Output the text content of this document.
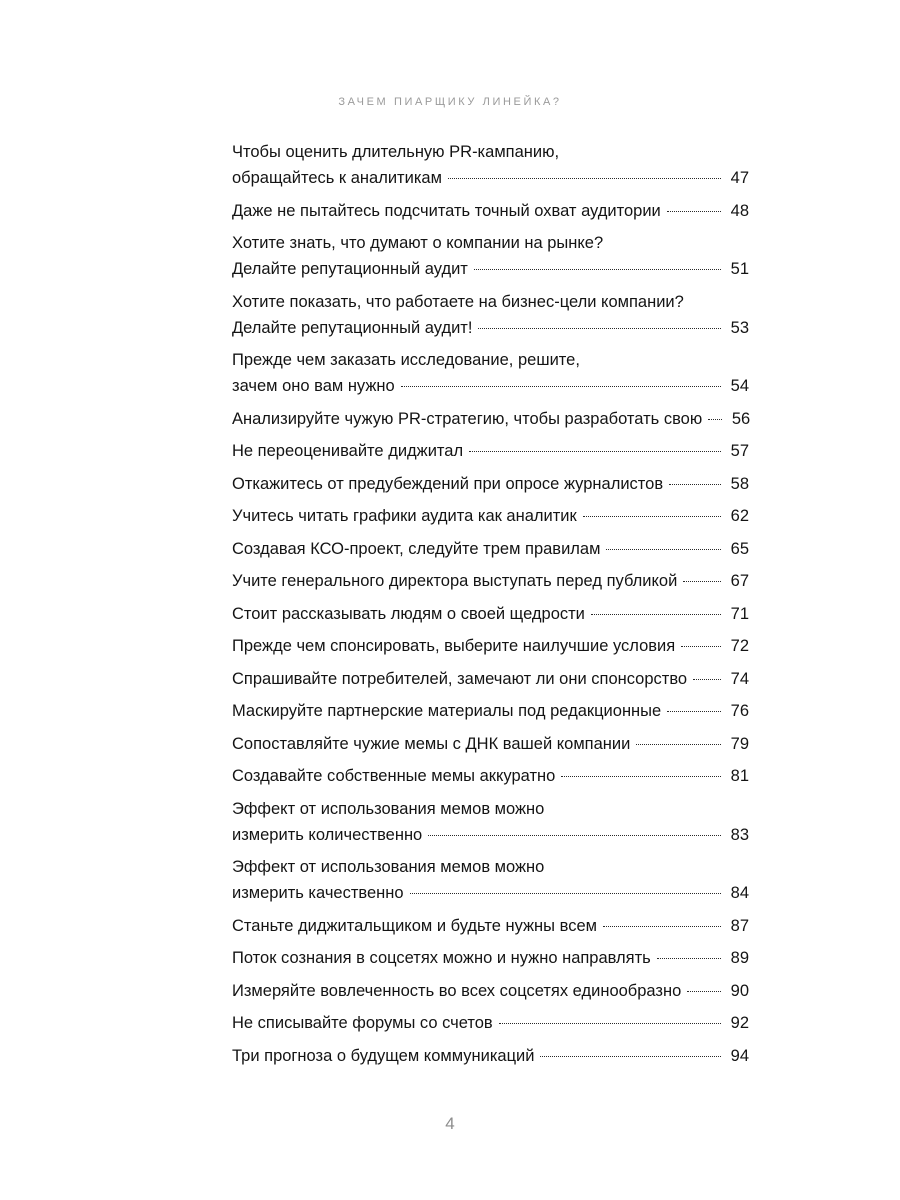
ЗАЧЕМ ПИАРЩИКУ ЛИНЕЙКА?
Чтобы оценить длительную PR-кампанию,
обращайтесь к аналитикам	47
Даже не пытайтесь подсчитать точный охват аудитории	48
Хотите знать, что думают о компании на рынке?
Делайте репутационный аудит	51
Хотите показать, что работаете на бизнес-цели компании?
Делайте репутационный аудит!	53
Прежде чем заказать исследование, решите,
зачем оно вам нужно	54
Анализируйте чужую PR-стратегию, чтобы разработать свою 56
Не переоценивайте диджитал	57
Откажитесь от предубеждений при опросе журналистов	58
Учитесь читать графики аудита как аналитик	62
Создавая КСО-проект, следуйте трем правилам	65
Учите генерального директора выступать перед публикой	67
Стоит рассказывать людям о своей щедрости	71
Прежде чем спонсировать, выберите наилучшие условия	72
Спрашивайте потребителей, замечают ли они спонсорство	74
Маскируйте партнерские материалы под редакционные	76
Сопоставляйте чужие мемы с ДНК вашей компании	79
Создавайте собственные мемы аккуратно	81
Эффект от использования мемов можно
измерить количественно	83
Эффект от использования мемов можно
измерить качественно	84
Станьте диджитальщиком и будьте нужны всем	87
Поток сознания в соцсетях можно и нужно направлять	89
Измеряйте вовлеченность во всех соцсетях единообразно	90
Не списывайте форумы со счетов	92
Три прогноза о будущем коммуникаций	94
4
